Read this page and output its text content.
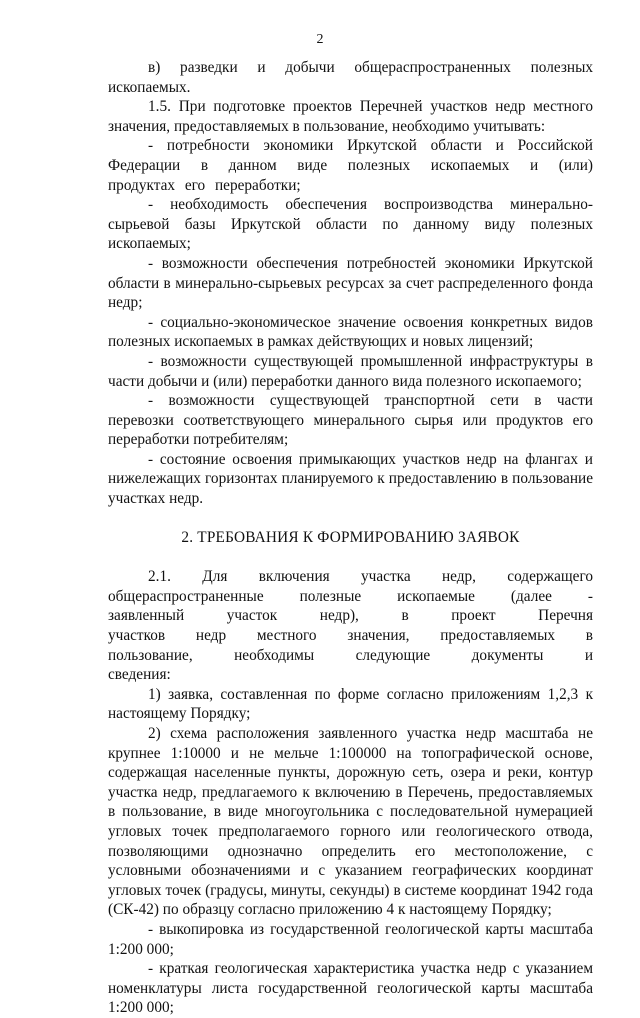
2

в) разведки и добычи общераспространенных полезных ископаемых.

1.5. При подготовке проектов Перечней участков недр местного значения, предоставляемых в пользование, необходимо учитывать:

- потребности экономики Иркутской области и Российской Федерации в данном виде полезных ископаемых и (или) продуктах его переработки;

- необходимость обеспечения воспроизводства минерально-сырьевой базы Иркутской области по данному виду полезных ископаемых;

- возможности обеспечения потребностей экономики Иркутской области в минерально-сырьевых ресурсах за счет распределенного фонда недр;

- социально-экономическое значение освоения конкретных видов полезных ископаемых в рамках действующих и новых лицензий;

- возможности существующей промышленной инфраструктуры в части добычи и (или) переработки данного вида полезного ископаемого;

- возможности существующей транспортной сети в части перевозки соответствующего минерального сырья или продуктов его переработки потребителям;

- состояние освоения примыкающих участков недр на флангах и нижележащих горизонтах планируемого к предоставлению в пользование участках недр.

2. ТРЕБОВАНИЯ К ФОРМИРОВАНИЮ ЗАЯВОК

2.1. Для включения участка недр, содержащего общераспространенные полезные ископаемые (далее - заявленный участок недр), в проект Перечня участков недр местного значения, предоставляемых в пользование, необходимы следующие документы и сведения:

1) заявка, составленная по форме согласно приложениям 1,2,3 к настоящему Порядку;

2) схема расположения заявленного участка недр масштаба не крупнее 1:10000 и не мельче 1:100000 на топографической основе, содержащая населенные пункты, дорожную сеть, озера и реки, контур участка недр, предлагаемого к включению в Перечень, предоставляемых в пользование, в виде многоугольника с последовательной нумерацией угловых точек предполагаемого горного или геологического отвода, позволяющими однозначно определить его местоположение, с условными обозначениями и с указанием географических координат угловых точек (градусы, минуты, секунды) в системе координат 1942 года (СК-42) по образцу согласно приложению 4 к настоящему Порядку;

- выкопировка из государственной геологической карты масштаба 1:200 000;

- краткая геологическая характеристика участка недр с указанием номенклатуры листа государственной геологической карты масштаба 1:200 000;
